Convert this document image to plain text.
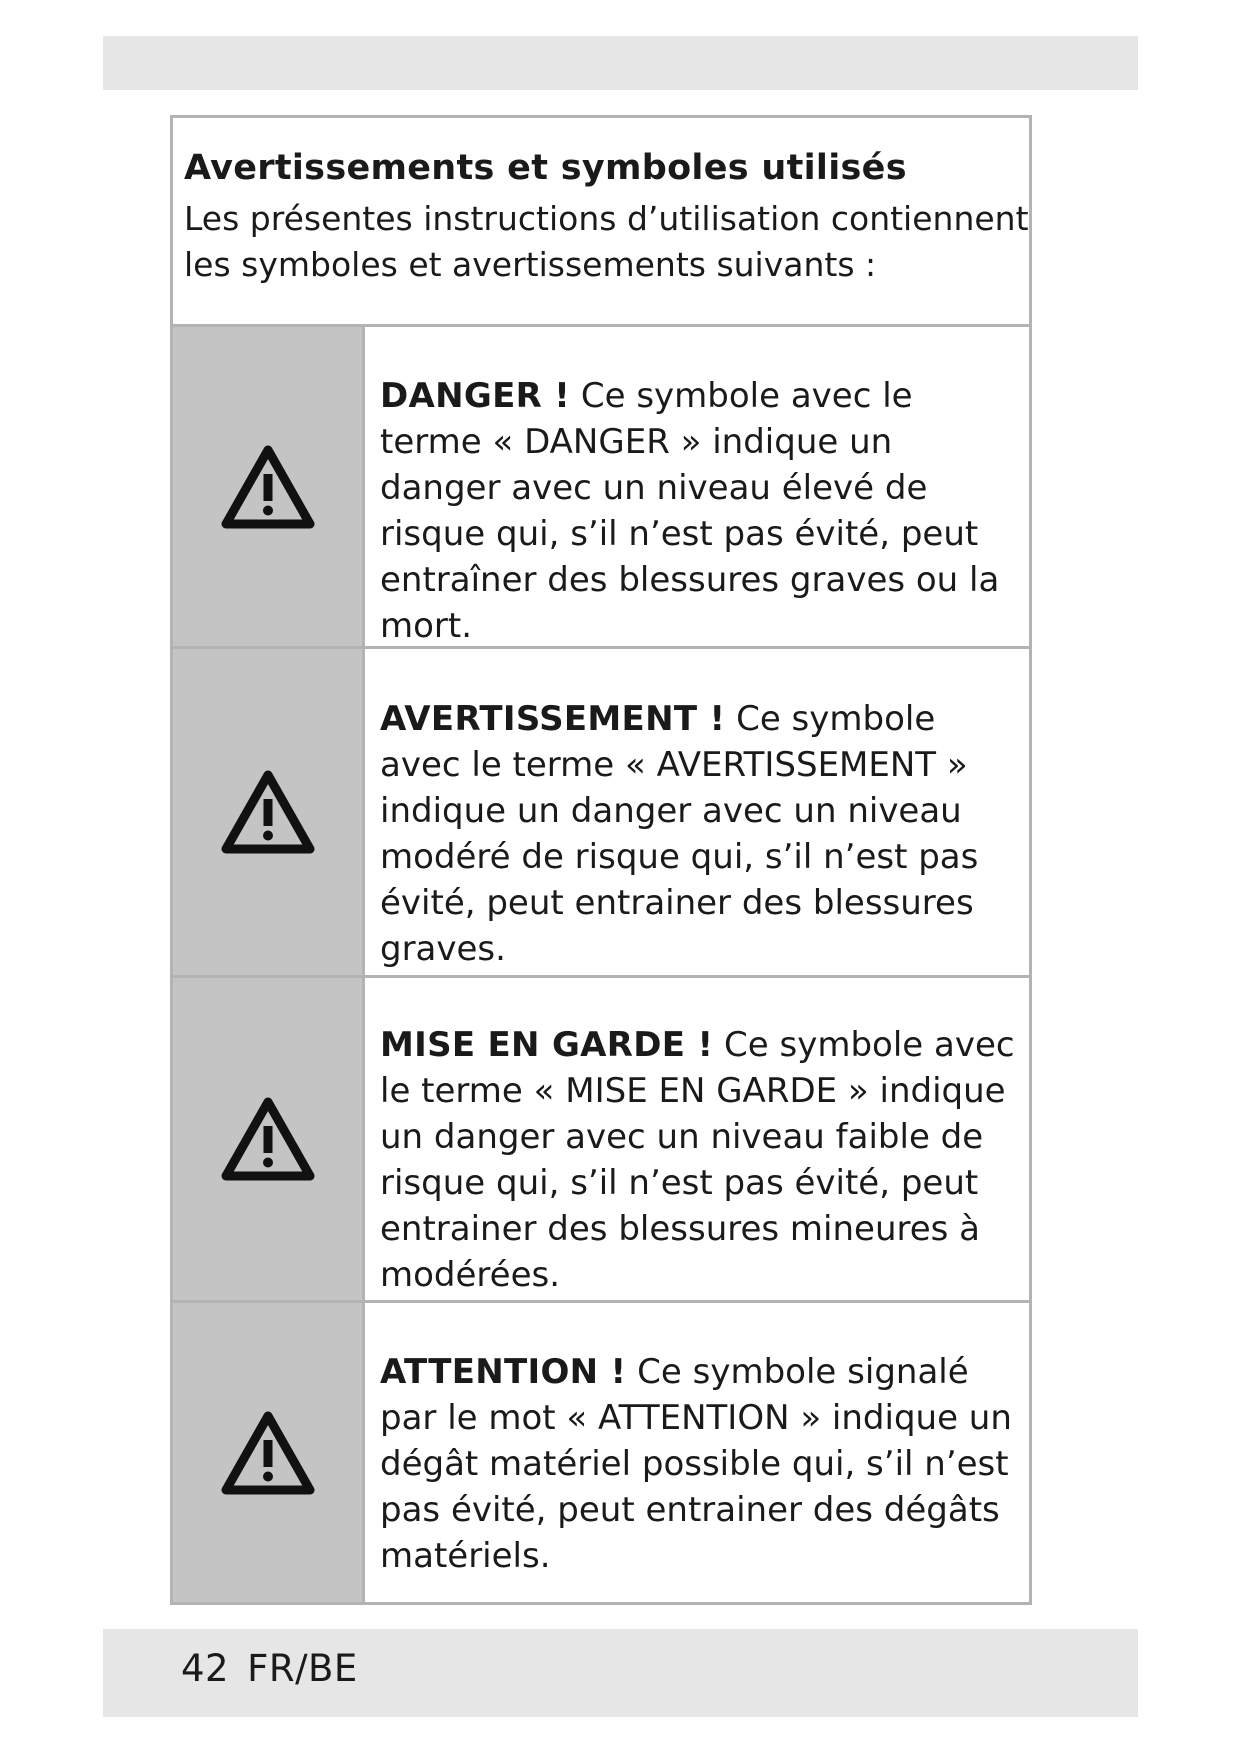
Avertissements et symboles utilisés

Les présentes instructions d’utilisation contiennent les symboles et avertissements suivants :

DANGER ! Ce symbole avec le terme « DANGER » indique un danger avec un niveau élevé de risque qui, s’il n’est pas évité, peut entraîner des blessures graves ou la mort.
AVERTISSEMENT ! Ce symbole avec le terme « AVERTISSEMENT » indique un danger avec un niveau modéré de risque qui, s’il n’est pas évité, peut entrainer des blessures graves.
MISE EN GARDE ! Ce symbole avec le terme « MISE EN GARDE » indique un danger avec un niveau faible de risque qui, s’il n’est pas évité, peut entrainer des blessures mineures à modérées.
ATTENTION ! Ce symbole signalé par le mot « ATTENTION » indique un dégât matériel possible qui, s’il n’est pas évité, peut entrainer des dégâts matériels.
42 FR/BE
